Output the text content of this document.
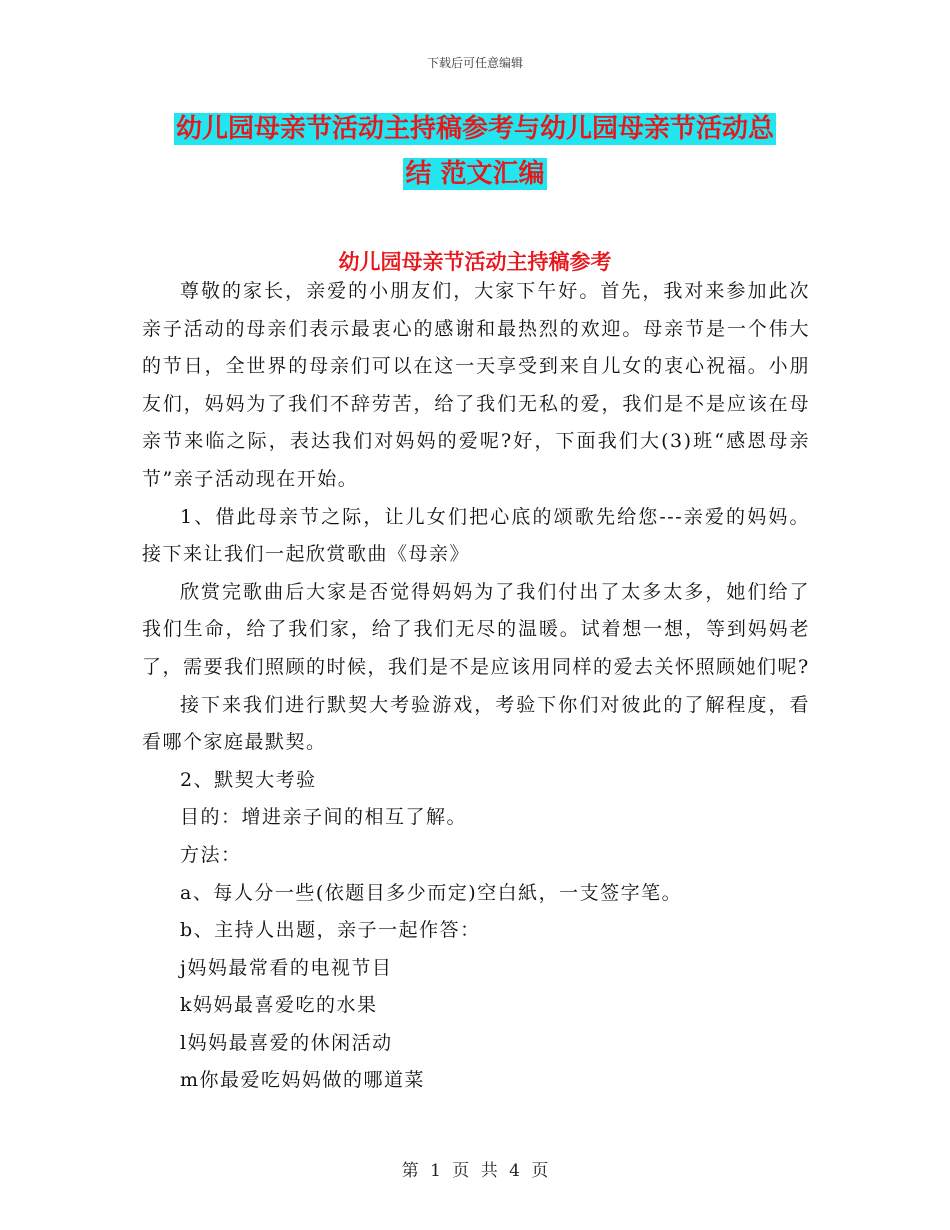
下载后可任意编辑
幼儿园母亲节活动主持稿参考与幼儿园母亲节活动总
结 范文汇编
幼儿园母亲节活动主持稿参考

尊敬的家长，亲爱的小朋友们，大家下午好。首先，我对来参加此次亲子活动的母亲们表示最衷心的感谢和最热烈的欢迎。母亲节是一个伟大的节日，全世界的母亲们可以在这一天享受到来自儿女的衷心祝福。小朋友们，妈妈为了我们不辞劳苦，给了我们无私的爱，我们是不是应该在母亲节来临之际，表达我们对妈妈的爱呢?好，下面我们大(3)班“感恩母亲节”亲子活动现在开始。

1、借此母亲节之际，让儿女们把心底的颂歌先给您---亲爱的妈妈。接下来让我们一起欣赏歌曲《母亲》

欣赏完歌曲后大家是否觉得妈妈为了我们付出了太多太多，她们给了我们生命，给了我们家，给了我们无尽的温暖。试着想一想，等到妈妈老了，需要我们照顾的时候，我们是不是应该用同样的爱去关怀照顾她们呢?

接下来我们进行默契大考验游戏，考验下你们对彼此的了解程度，看看哪个家庭最默契。

2、默契大考验

目的：增进亲子间的相互了解。

方法：

a、每人分一些(依题目多少而定)空白紙，一支签字笔。

b、主持人出题，亲子一起作答：

j妈妈最常看的电视节目

k妈妈最喜爱吃的水果

l妈妈最喜爱的休闲活动

m你最爱吃妈妈做的哪道菜

第 1 页 共 4 页
